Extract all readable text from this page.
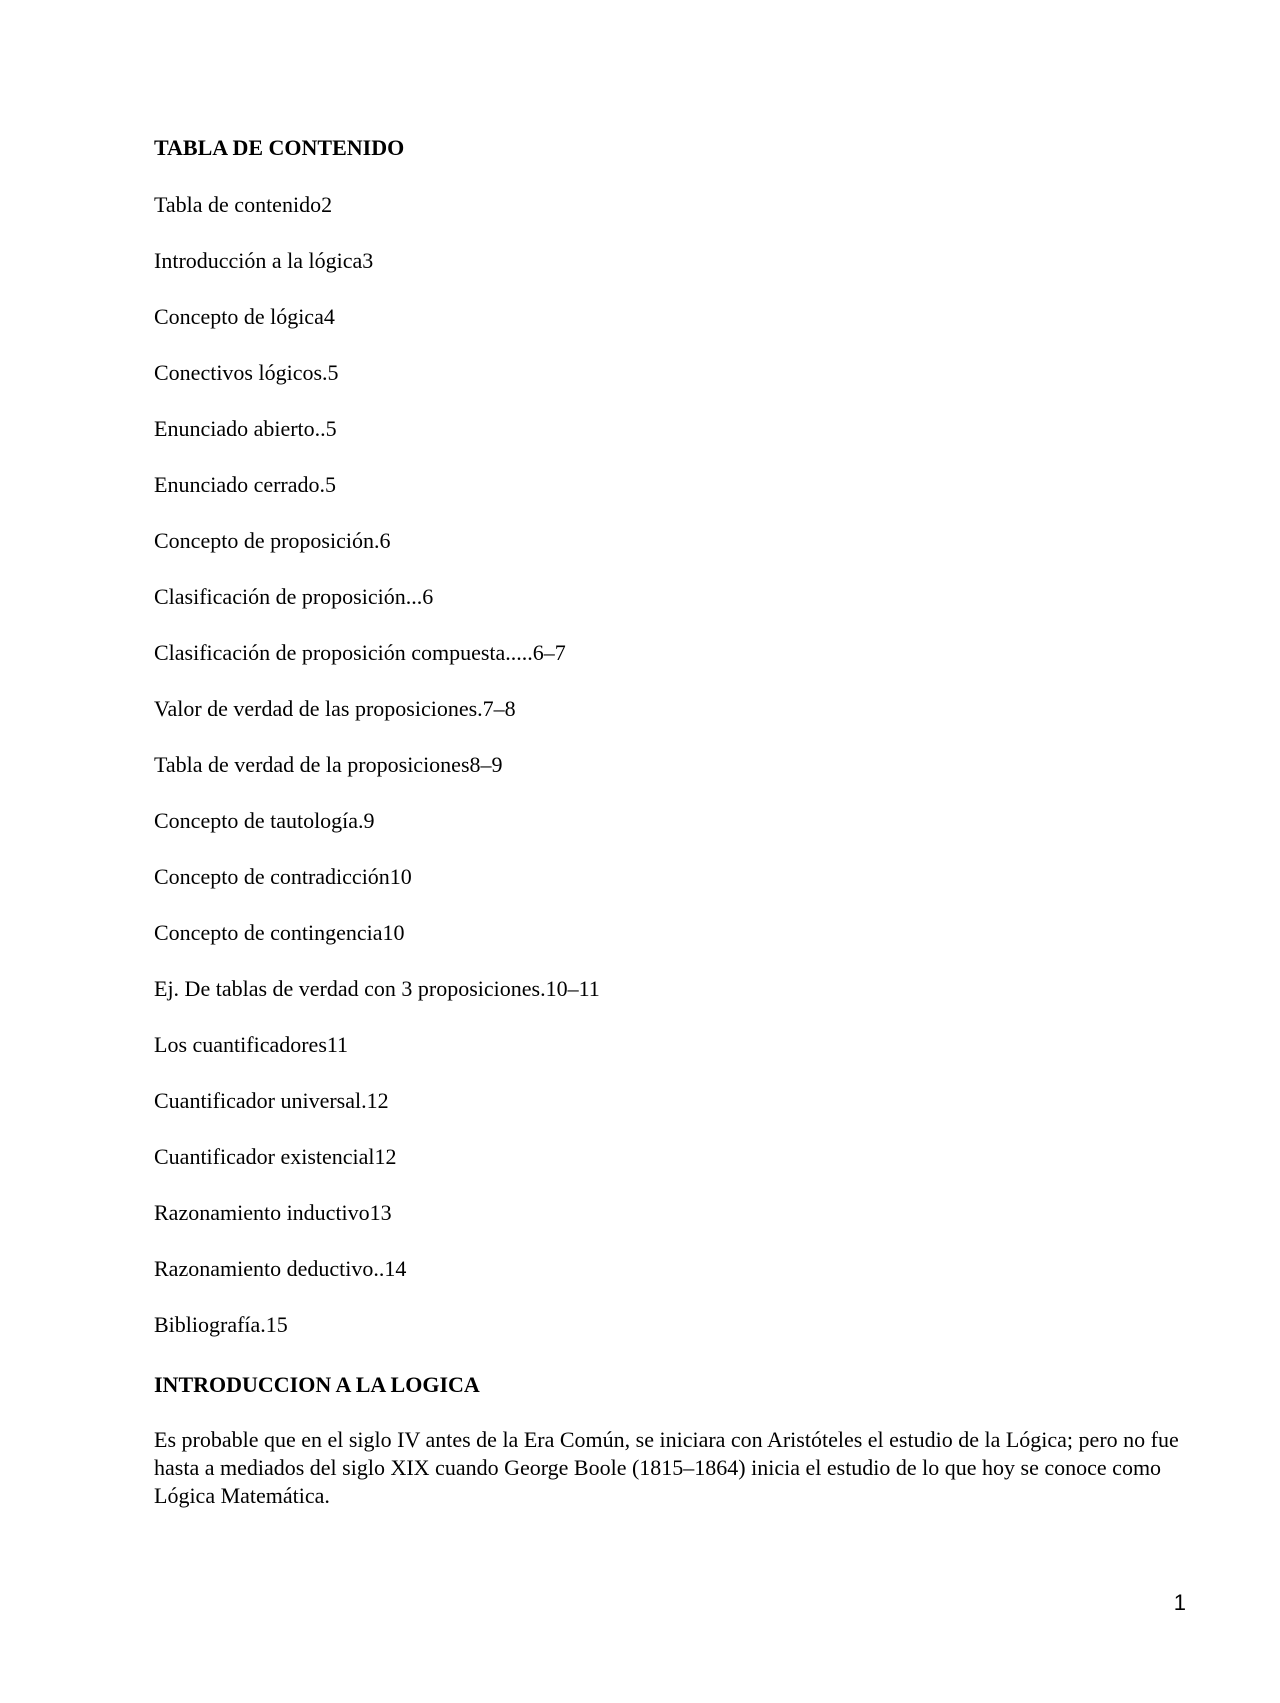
TABLA DE CONTENIDO
Tabla de contenido2
Introducción a la lógica3
Concepto de lógica4
Conectivos lógicos.5
Enunciado abierto..5
Enunciado cerrado.5
Concepto de proposición.6
Clasificación de proposición...6
Clasificación de proposición compuesta.....6–7
Valor de verdad de las proposiciones.7–8
Tabla de verdad de la proposiciones8–9
Concepto de tautología.9
Concepto de contradicción10
Concepto de contingencia10
Ej. De tablas de verdad con 3 proposiciones.10–11
Los cuantificadores11
Cuantificador universal.12
Cuantificador existencial12
Razonamiento inductivo13
Razonamiento deductivo..14
Bibliografía.15
INTRODUCCION A LA LOGICA

Es probable que en el siglo IV antes de la Era Común, se iniciara con Aristóteles el estudio de la Lógica; pero no fue hasta a mediados del siglo XIX cuando George Boole (1815–1864) inicia el estudio de lo que hoy se conoce como Lógica Matemática.

1
